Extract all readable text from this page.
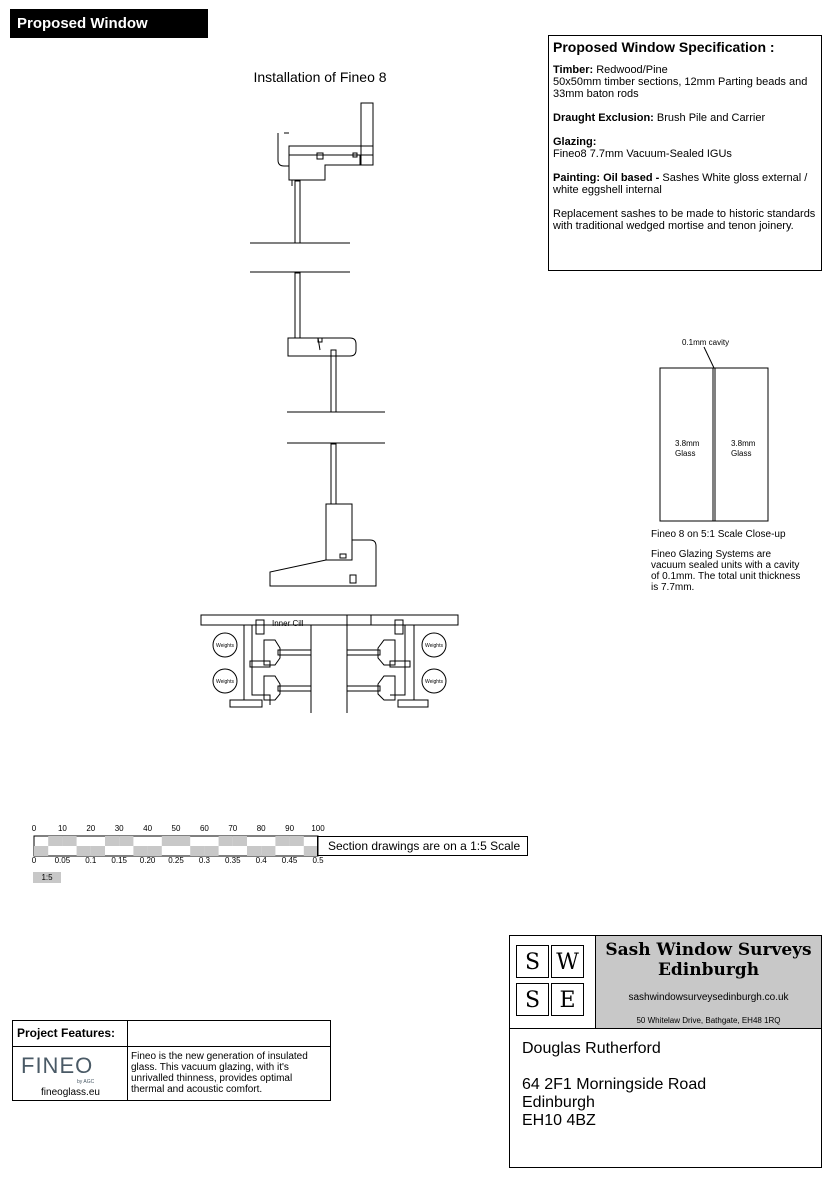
Proposed Window Sections
Installation of Fineo 8
Proposed Window Specification :

Timber: Redwood/Pine
50x50mm timber sections, 12mm Parting beads and 33mm baton rods

Draught Exclusion: Brush Pile and Carrier

Glazing:
Fineo8 7.7mm Vacuum-Sealed IGUs

Painting: Oil based - Sashes White gloss external / white eggshell internal

Replacement sashes to be made to historic standards with traditional wedged mortise and tenon joinery.

Inner Cill
Weights
Weights
Weights
Weights
0.1mm cavity
3.8mm
Glass
3.8mm
Glass
Fineo 8 on 5:1 Scale Close-up
Fineo Glazing Systems are vacuum sealed units with a cavity of 0.1mm. The total unit thickness is 7.7mm.
0	10 20 30 40 50 60 70 80 90 100
0 0.05 0.1 0.15 0.20 0.25 0.3 0.35 0.4 0.45 0.5
Section drawings are on a 1:5 Scale
1:5
Project Features:
FINEO
by AGC
fineoglass.eu
Fineo is the new generation of insulated glass. This vacuum glazing, with it's unrivalled thinness, provides optimal thermal and acoustic comfort.
S W
S E
Sash Window Surveys Edinburgh
sashwindowsurveysedinburgh.co.uk
50 Whitelaw Drive, Bathgate, EH48 1RQ
Douglas Rutherford
64 2F1 Morningside Road
Edinburgh
EH10 4BZ
